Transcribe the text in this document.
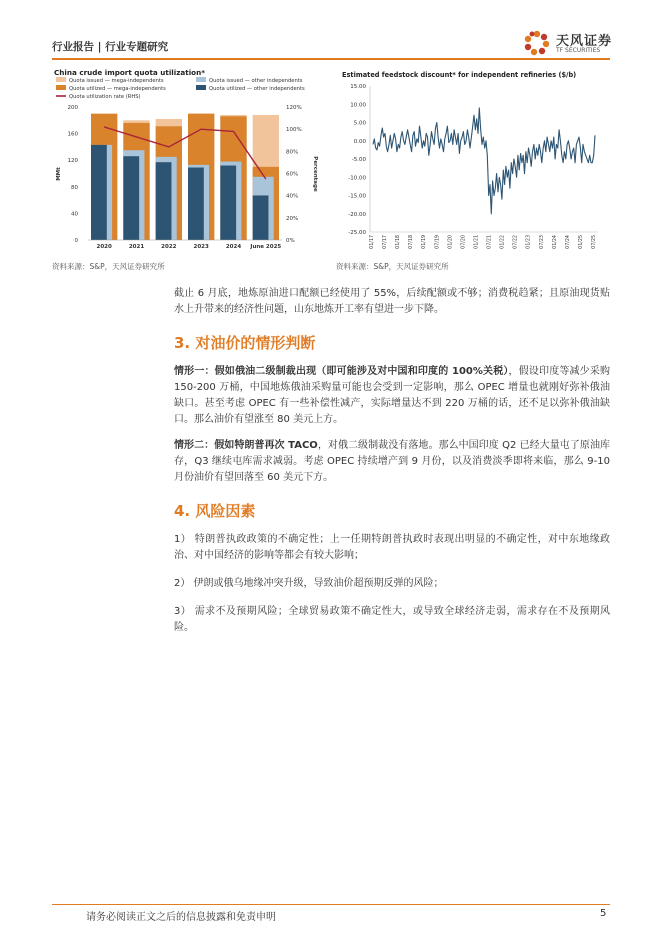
行业报告 | 行业专题研究	天风证券
TF SECURITIES
China crude import quota utilization*
Quota issued — mega-independents
Quota utilized — mega-independents
Quota utilization rate (RHS)
Quota issued — other independents
Quota utilized — other independents
200
160
120
80
40
0
120%
100%
80%
60%
40%
20%
0%
MMt	Percentage
2020	2021	2022	2023	2024 June 2025
Estimated feedstock discount* for independent refineries ($/b)
15.00
10.00
5.00
0.00
-5.00
-10.00
-15.00
-20.00
-25.00
01/17 07/17 01/18 07/18 01/19 07/19 01/20 07/20 01/21 07/21 01/22 07/22 01/23 07/23 01/24 07/24 01/25 07/25
资料来源：S&P，天风证券研究所	资料来源：S&P，天风证券研究所
截止 6 月底，地炼原油进口配额已经使用了 55%，后续配额或不够；消费税趋紧；且原油现货贴水上升带来的经济性问题，山东地炼开工率有望进一步下降。
3. 对油价的情形判断
情形一：假如俄油二级制裁出现（即可能涉及对中国和印度的 100%关税），假设印度等减少采购 150-200 万桶，中国地炼俄油采购量可能也会受到一定影响，那么 OPEC 增量也就刚好弥补俄油缺口。甚至考虑 OPEC 有一些补偿性减产，实际增量达不到 220 万桶的话，还不足以弥补俄油缺口。那么油价有望涨至 80 美元上方。
情形二：假如特朗普再次 TACO，对俄二级制裁没有落地。那么中国印度 Q2 已经大量屯了原油库存，Q3 继续屯库需求减弱。考虑 OPEC 持续增产到 9 月份，以及消费淡季即将来临，那么 9-10 月份油价有望回落至 60 美元下方。
4. 风险因素
1） 特朗普执政政策的不确定性；上一任期特朗普执政时表现出明显的不确定性，对中东地缘政治、对中国经济的影响等都会有较大影响；
2） 伊朗或俄乌地缘冲突升级，导致油价超预期反弹的风险；
3） 需求不及预期风险；全球贸易政策不确定性大，或导致全球经济走弱，需求存在不及预期风险。
请务必阅读正文之后的信息披露和免责申明	5
